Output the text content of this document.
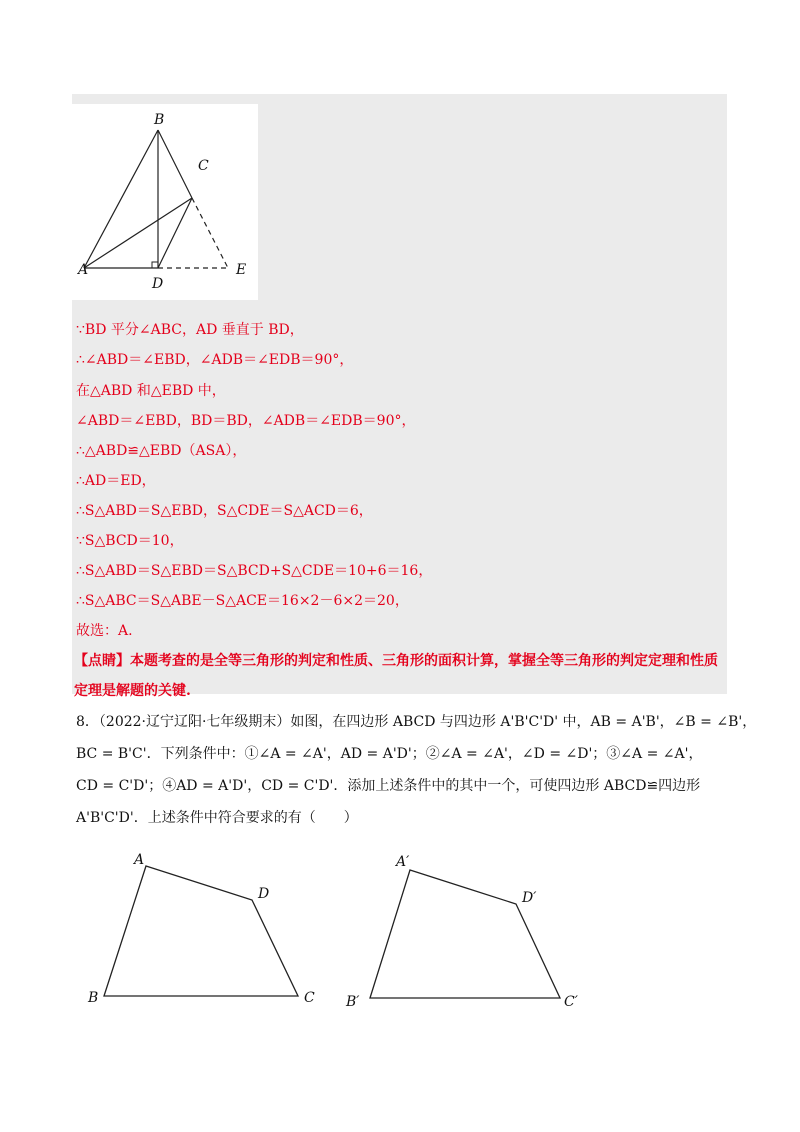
B
C
A
D
E
∵BD 平分∠ABC，AD 垂直于 BD，
∴∠ABD＝∠EBD，∠ADB＝∠EDB＝90°，
在△ABD 和△EBD 中，
∠ABD＝∠EBD，BD＝BD，∠ADB＝∠EDB＝90°，
∴△ABD≌△EBD（ASA），
∴AD＝ED，
∴S△ABD＝S△EBD，S△CDE＝S△ACD＝6，
∵S△BCD＝10，
∴S△ABD＝S△EBD＝S△BCD+S△CDE＝10+6＝16，
∴S△ABC＝S△ABE－S△ACE＝16×2－6×2＝20，
故选：A.
【点睛】本题考查的是全等三角形的判定和性质、三角形的面积计算，掌握全等三角形的判定定理和性质
定理是解题的关键.
8．（2022·辽宁辽阳·七年级期末）如图，在四边形 ABCD 与四边形 A'B'C'D' 中，AB = A'B'，∠B = ∠B'，
BC = B'C'．下列条件中：①∠A = ∠A'，AD = A'D'；②∠A = ∠A'，∠D = ∠D'；③∠A = ∠A'，
CD = C'D'；④AD = A'D'，CD = C'D'．添加上述条件中的其中一个，可使四边形 ABCD≌四边形
A'B'C'D'．上述条件中符合要求的有（　　）
A
D
C
B
A′
D′
C′
B′
